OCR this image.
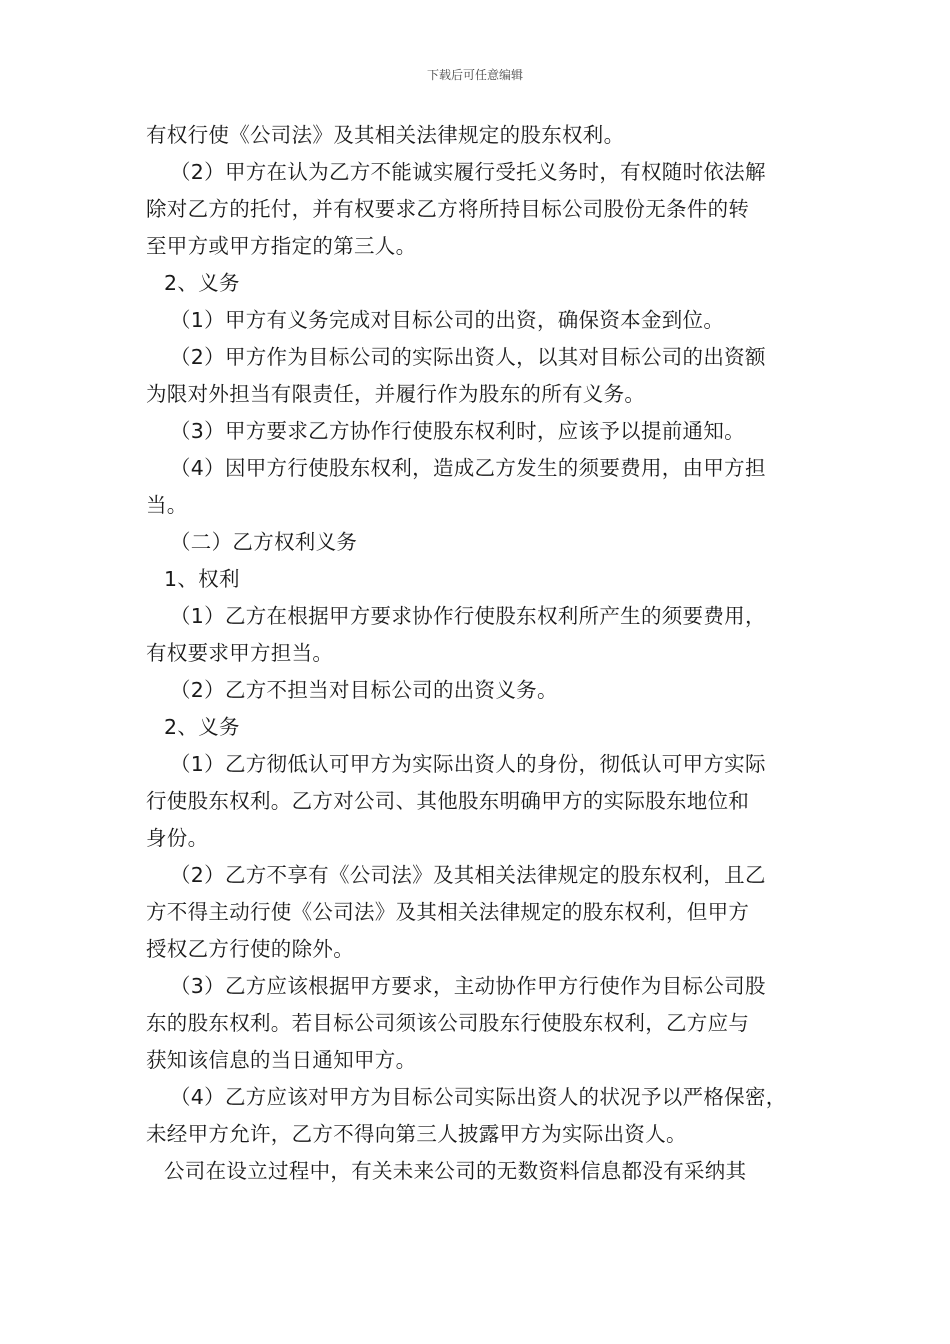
下载后可任意编辑
有权行使《公司法》及其相关法律规定的股东权利。
（2）甲方在认为乙方不能诚实履行受托义务时，有权随时依法解
除对乙方的托付，并有权要求乙方将所持目标公司股份无条件的转
至甲方或甲方指定的第三人。
2、义务
（1）甲方有义务完成对目标公司的出资，确保资本金到位。
（2）甲方作为目标公司的实际出资人，以其对目标公司的出资额
为限对外担当有限责任，并履行作为股东的所有义务。
（3）甲方要求乙方协作行使股东权利时，应该予以提前通知。
（4）因甲方行使股东权利，造成乙方发生的须要费用，由甲方担
当。
（二）乙方权利义务
1、权利
（1）乙方在根据甲方要求协作行使股东权利所产生的须要费用，
有权要求甲方担当。
（2）乙方不担当对目标公司的出资义务。
2、义务
（1）乙方彻低认可甲方为实际出资人的身份，彻低认可甲方实际
行使股东权利。乙方对公司、其他股东明确甲方的实际股东地位和
身份。
（2）乙方不享有《公司法》及其相关法律规定的股东权利，且乙
方不得主动行使《公司法》及其相关法律规定的股东权利，但甲方
授权乙方行使的除外。
（3）乙方应该根据甲方要求，主动协作甲方行使作为目标公司股
东的股东权利。若目标公司须该公司股东行使股东权利，乙方应与
获知该信息的当日通知甲方。
（4）乙方应该对甲方为目标公司实际出资人的状况予以严格保密，
未经甲方允许，乙方不得向第三人披露甲方为实际出资人。
公司在设立过程中，有关未来公司的无数资料信息都没有采纳其
